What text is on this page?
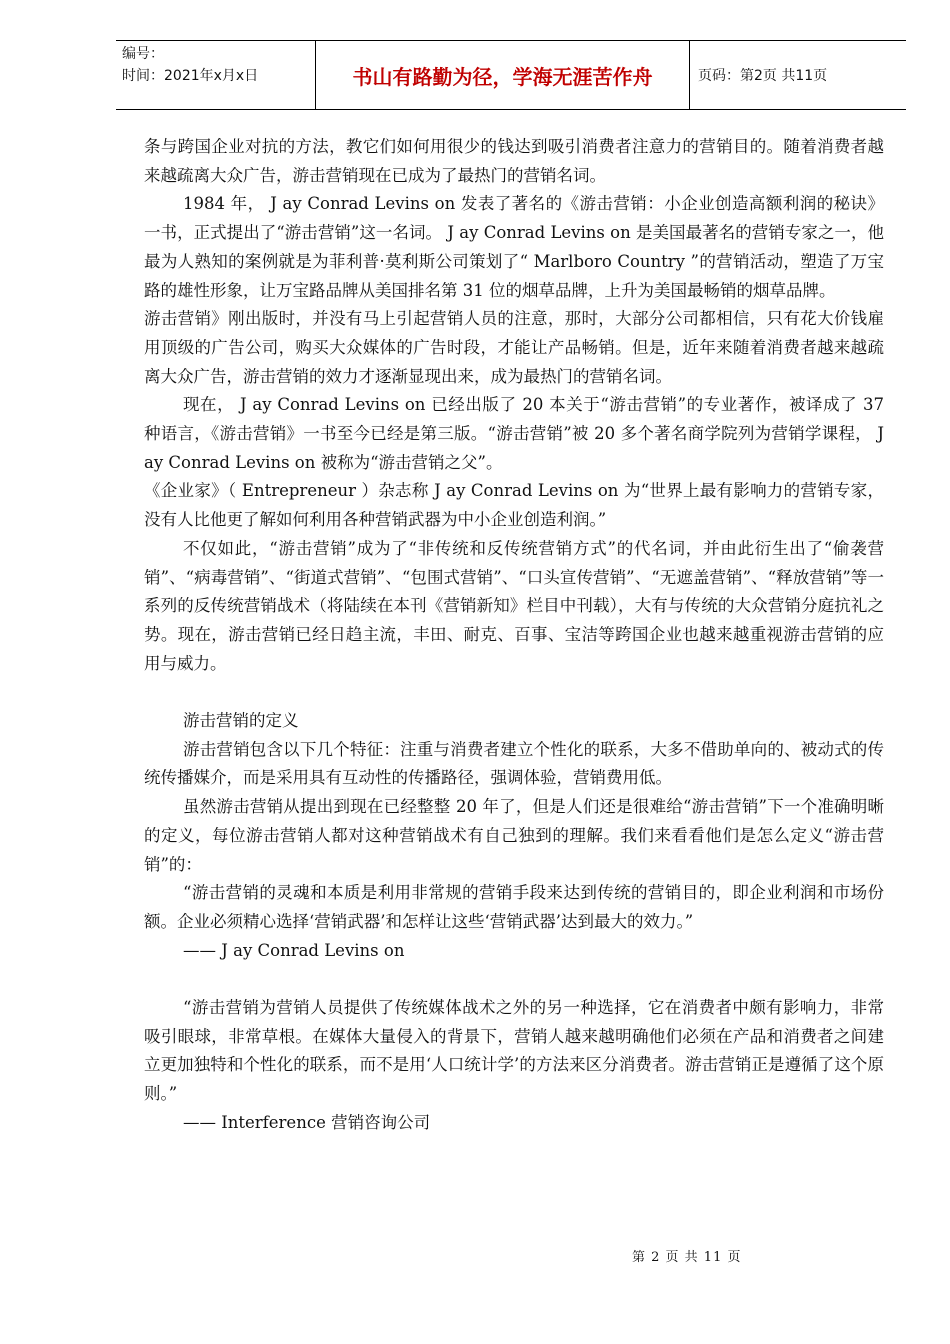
编号：
时间：2021年x月x日	书山有路勤为径，学海无涯苦作舟	页码：第2页 共11页

条与跨国企业对抗的方法，教它们如何用很少的钱达到吸引消费者注意力的营销目的。随着消费者越来越疏离大众广告，游击营销现在已成为了最热门的营销名词。

1984 年， J ay Conrad Levins on 发表了著名的《游击营销：小企业创造高额利润的秘诀》一书，正式提出了“游击营销”这一名词。 J ay Conrad Levins on 是美国最著名的营销专家之一，他最为人熟知的案例就是为菲利普·莫利斯公司策划了“ Marlboro Country ”的营销活动，塑造了万宝路的雄性形象，让万宝路品牌从美国排名第 31 位的烟草品牌，上升为美国最畅销的烟草品牌。

游击营销》刚出版时，并没有马上引起营销人员的注意，那时，大部分公司都相信，只有花大价钱雇用顶级的广告公司，购买大众媒体的广告时段，才能让产品畅销。但是，近年来随着消费者越来越疏离大众广告，游击营销的效力才逐渐显现出来，成为最热门的营销名词。

现在， J ay Conrad Levins on 已经出版了 20 本关于“游击营销”的专业著作，被译成了 37 种语言，《游击营销》一书至今已经是第三版。“游击营销”被 20 多个著名商学院列为营销学课程， J ay Conrad Levins on 被称为“游击营销之父”。

《企业家》（ Entrepreneur ）杂志称 J ay Conrad Levins on 为“世界上最有影响力的营销专家，没有人比他更了解如何利用各种营销武器为中小企业创造利润。”

不仅如此，“游击营销”成为了“非传统和反传统营销方式”的代名词，并由此衍生出了“偷袭营销”、“病毒营销”、“街道式营销”、“包围式营销”、“口头宣传营销”、“无遮盖营销”、“释放营销”等一系列的反传统营销战术（将陆续在本刊《营销新知》栏目中刊载），大有与传统的大众营销分庭抗礼之势。现在，游击营销已经日趋主流，丰田、耐克、百事、宝洁等跨国企业也越来越重视游击营销的应用与威力。

游击营销的定义

游击营销包含以下几个特征：注重与消费者建立个性化的联系，大多不借助单向的、被动式的传统传播媒介，而是采用具有互动性的传播路径，强调体验，营销费用低。

虽然游击营销从提出到现在已经整整 20 年了，但是人们还是很难给“游击营销”下一个准确明晰的定义，每位游击营销人都对这种营销战术有自己独到的理解。我们来看看他们是怎么定义“游击营销”的：

“游击营销的灵魂和本质是利用非常规的营销手段来达到传统的营销目的，即企业利润和市场份额。企业必须精心选择‘营销武器’和怎样让这些‘营销武器’达到最大的效力。”

—— J ay Conrad Levins on

“游击营销为营销人员提供了传统媒体战术之外的另一种选择，它在消费者中颇有影响力，非常吸引眼球，非常草根。在媒体大量侵入的背景下，营销人越来越明确他们必须在产品和消费者之间建立更加独特和个性化的联系，而不是用‘人口统计学’的方法来区分消费者。游击营销正是遵循了这个原则。”

—— Interference 营销咨询公司

第 2 页 共 11 页
